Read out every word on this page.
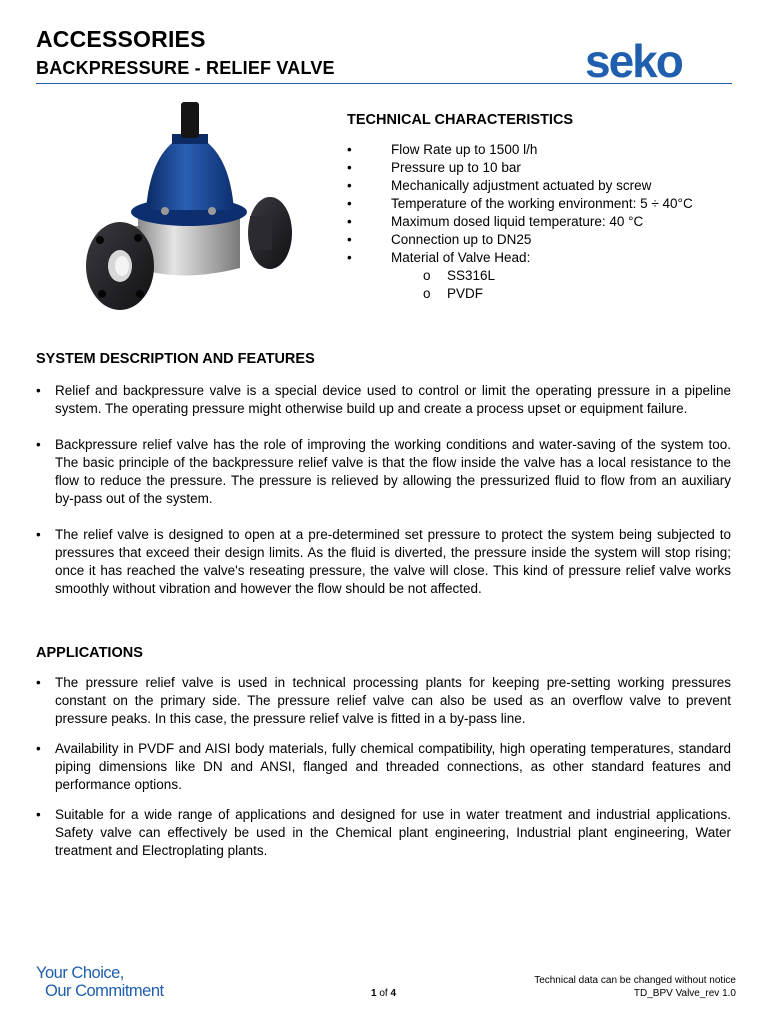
ACCESSORIES
BACKPRESSURE - RELIEF VALVE	seko
TECHNICAL CHARACTERISTICS
•	Flow Rate up to 1500 l/h
•	Pressure up to 10 bar
•	Mechanically adjustment actuated by screw
•	Temperature of the working environment: 5 ÷ 40°C
•	Maximum dosed liquid temperature: 40 °C
•	Connection up to DN25
•	Material of Valve Head:
o SS316L
o PVDF
SYSTEM DESCRIPTION AND FEATURES
• Relief and backpressure valve is a special device used to control or limit the operating pressure in a pipeline system. The operating pressure might otherwise build up and create a process upset or equipment failure.
• Backpressure relief valve has the role of improving the working conditions and water-saving of the system too. The basic principle of the backpressure relief valve is that the flow inside the valve has a local resistance to the flow to reduce the pressure. The pressure is relieved by allowing the pressurized fluid to flow from an auxiliary by-pass out of the system.
• The relief valve is designed to open at a pre-determined set pressure to protect the system being subjected to pressures that exceed their design limits. As the fluid is diverted, the pressure inside the system will stop rising; once it has reached the valve's reseating pressure, the valve will close. This kind of pressure relief valve works smoothly without vibration and however the flow should be not affected.
APPLICATIONS
• The pressure relief valve is used in technical processing plants for keeping pre-setting working pressures constant on the primary side. The pressure relief valve can also be used as an overflow valve to prevent pressure peaks. In this case, the pressure relief valve is fitted in a by-pass line.
• Availability in PVDF and AISI body materials, fully chemical compatibility, high operating temperatures, standard piping dimensions like DN and ANSI, flanged and threaded connections, as other standard features and performance options.
• Suitable for a wide range of applications and designed for use in water treatment and industrial applications. Safety valve can effectively be used in the Chemical plant engineering, Industrial plant engineering, Water treatment and Electroplating plants.
Your Choice,
Our Commitment	1 of 4
Technical data can be changed without notice
TD_BPV Valve_rev 1.0
